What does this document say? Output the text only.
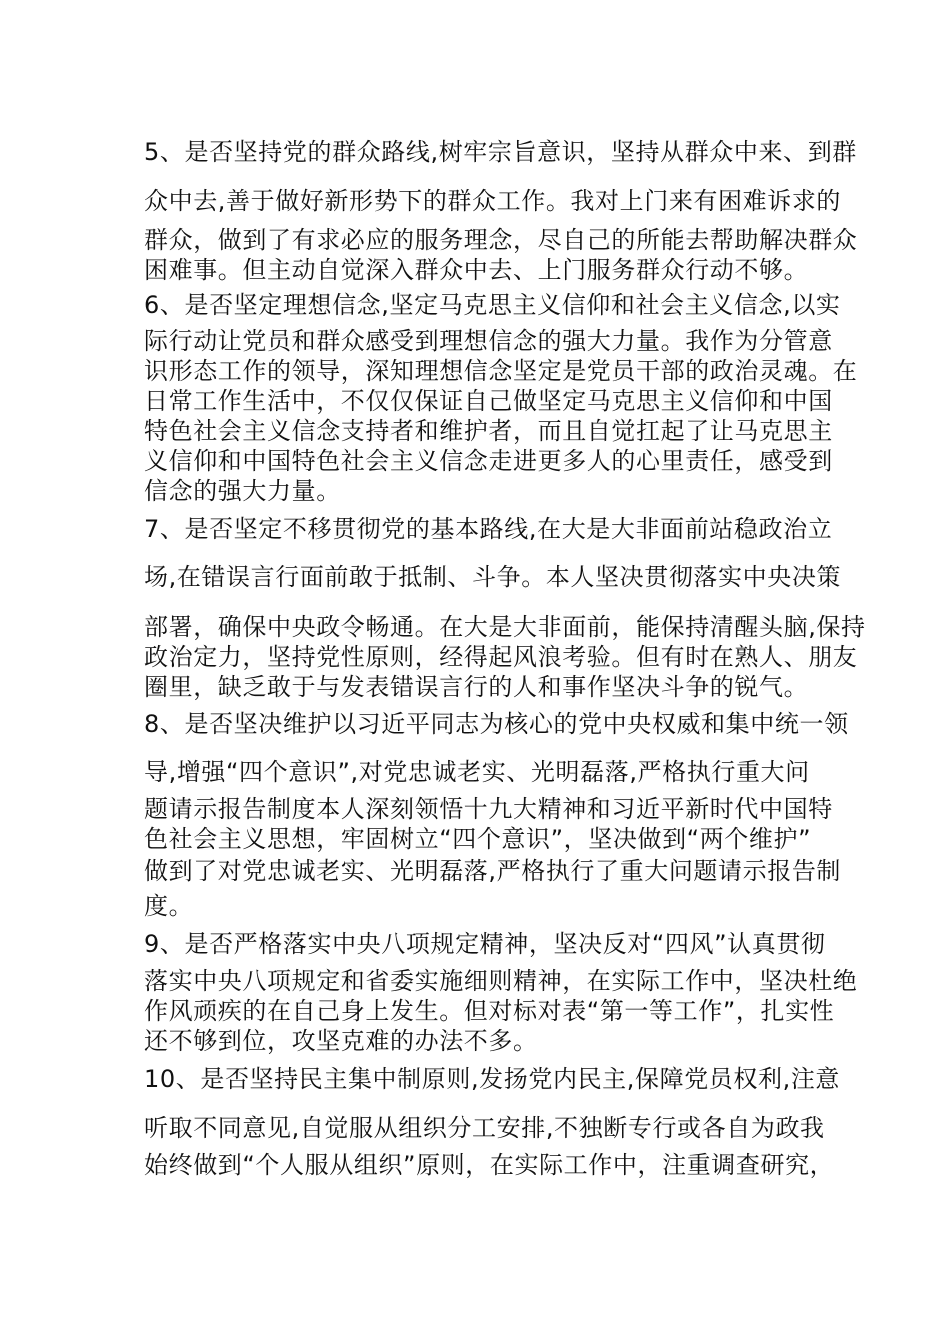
5、是否坚持党的群众路线,树牢宗旨意识，坚持从群众中来、到群
众中去,善于做好新形势下的群众工作。我对上门来有困难诉求的
群众，做到了有求必应的服务理念，尽自己的所能去帮助解决群众
困难事。但主动自觉深入群众中去、上门服务群众行动不够。
6、是否坚定理想信念,坚定马克思主义信仰和社会主义信念,以实
际行动让党员和群众感受到理想信念的强大力量。我作为分管意
识形态工作的领导，深知理想信念坚定是党员干部的政治灵魂。在
日常工作生活中，不仅仅保证自己做坚定马克思主义信仰和中国
特色社会主义信念支持者和维护者，而且自觉扛起了让马克思主
义信仰和中国特色社会主义信念走进更多人的心里责任，感受到
信念的强大力量。
7、是否坚定不移贯彻党的基本路线,在大是大非面前站稳政治立
场,在错误言行面前敢于抵制、斗争。本人坚决贯彻落实中央决策
部署，确保中央政令畅通。在大是大非面前，能保持清醒头脑,保持
政治定力，坚持党性原则，经得起风浪考验。但有时在熟人、朋友
圈里，缺乏敢于与发表错误言行的人和事作坚决斗争的锐气。
8、是否坚决维护以习近平同志为核心的党中央权威和集中统一领
导,增强“四个意识”,对党忠诚老实、光明磊落,严格执行重大问
题请示报告制度本人深刻领悟十九大精神和习近平新时代中国特
色社会主义思想，牢固树立“四个意识”，坚决做到“两个维护”
做到了对党忠诚老实、光明磊落,严格执行了重大问题请示报告制
度。
9、是否严格落实中央八项规定精神，坚决反对“四风”认真贯彻
落实中央八项规定和省委实施细则精神，在实际工作中，坚决杜绝
作风顽疾的在自己身上发生。但对标对表“第一等工作”，扎实性
还不够到位，攻坚克难的办法不多。
10、是否坚持民主集中制原则,发扬党内民主,保障党员权利,注意
听取不同意见,自觉服从组织分工安排,不独断专行或各自为政我
始终做到“个人服从组织”原则，在实际工作中，注重调查研究，
